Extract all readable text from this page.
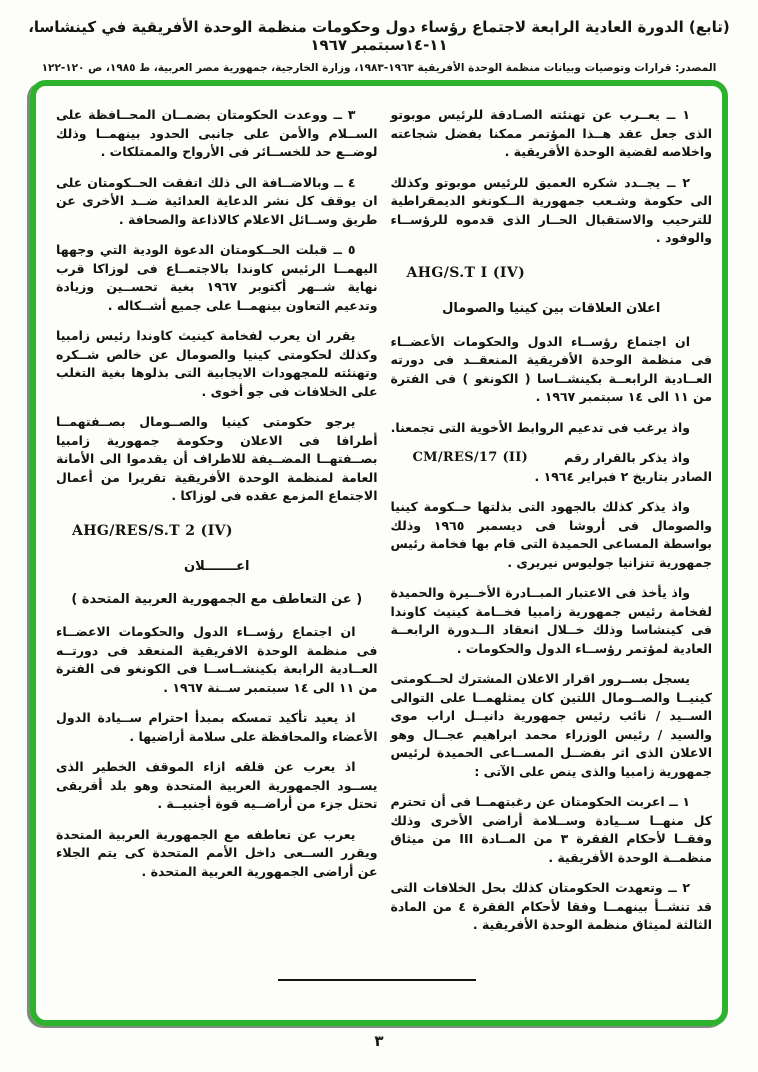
(تابع) الدورة العادية الرابعة لاجتماع رؤساء دول وحكومات منظمة الوحدة الأفريقية في كينشاسا، ١١-١٤سبتمبر ١٩٦٧
المصدر: قرارات وتوصيات وبيانات منظمة الوحدة الأفريقية ١٩٦٣-١٩٨٣، وزارة الخارجية، جمهورية مصر العربية، ط ١٩٨٥، ص ١٢٠-١٢٢
١ ــ يعــرب عن تهنئته الصـادقة للرئيس موبوتو الذى جعل عقد هــذا المؤتمر ممكنا بفضل شجاعته واخلاصه لقضية الوحدة الأفريقية .
٢ ــ يجــدد شكره العميق للرئيس موبوتو وكذلك الى حكومة وشـعب جمهورية الــكونغو الديمقراطية للترحيب والاستقبال الحــار الذى قدموه للرؤســاء والوفود .
AHG/S.T I (IV)
اعلان العلاقات بين كينيا والصومال
ان اجتماع رؤســاء الدول والحكومات الأعضــاء فى منظمة الوحدة الأفريقية المنعقــد فى دورته العــادية الرابعــة بكينشــاسا ( الكونغو ) فى الفترة من ١١ الى ١٤ سبتمبر ١٩٦٧ .
واذ يرغب فى تدعيم الروابط الأخوية التى تجمعنا.
CM/RES/17 (II)	واذ يذكر بالقرار رقم
الصادر بتاريخ ٢ فبراير ١٩٦٤ .
واذ يذكر كذلك بالجهود التى بذلتها حــكومة كينيا والصومال فى أروشا فى ديسمبر ١٩٦٥ وذلك بواسطة المساعى الحميدة التى قام بها فخامة رئيس جمهورية تنزانيا جوليوس نيريرى .
واذ يأخذ فى الاعتبار المبــادرة الأخــيرة والحميدة لفخامة رئيس جمهورية زامبيا فخــامة كينيث كاوندا فى كينشاسا وذلك خــلال انعقاد الــدورة الرابعــة العادية لمؤتمر رؤســاء الدول والحكومات .
يسجل بســرور اقرار الاعلان المشترك لحــكومتى كينيــا والصــومال اللتين كان يمثلهمــا على التوالى الســيد / نائب رئيس جمهورية دانيــل اراب موى والسيد / رئيس الوزراء محمد ابراهيم عجــال وهو الاعلان الذى اثر بفضــل المســاعى الحميدة لرئيس جمهورية زامبيا والذى ينص على الآتى :
١ ــ اعربت الحكومتان عن رغبتهمــا فى أن تحترم كل منهــا ســيادة وســلامة أراضى الأخرى وذلك وفقــا لأحكام الفقرة ٣ من المــادة III من ميثاق منظمــة الوحدة الأفريقية .
٢ ــ وتعهدت الحكومتان كذلك بحل الخلافات التى قد تنشــأ بينهمــا وفقا لأحكام الفقرة ٤ من المادة الثالثة لميثاق منظمة الوحدة الأفريقية .
٣ ــ ووعدت الحكومتان بضمــان المحــافظة على الســلام والأمن على جانبى الحدود بينهمــا وذلك لوضــع حد للخســائر فى الأرواح والممتلكات .
٤ ــ وبالاضــافة الى ذلك اتفقت الحــكومتان على ان يوقف كل نشر الدعاية العدائية ضــد الأخرى عن طريق وســائل الاعلام كالاذاعة والصحافة .
٥ ــ قبلت الحــكومتان الدعوة الودية التي وجهها اليهمــا الرئيس كاوندا بالاجتمــاع فى لوزاكا قرب نهاية شــهر أكتوبر ١٩٦٧ بغية تحســين وزيادة وتدعيم التعاون بينهمــا على جميع أشــكاله .
يقرر ان يعرب لفخامة كينيث كاوندا رئيس زامبيا وكذلك لحكومتى كينيا والصومال عن خالص شــكره وتهنئته للمجهودات الايجابية التى بذلوها بغية التغلب على الخلافات فى جو أخوى .
يرجو حكومتى كينيا والصــومال بصــفتهمــا أطرافا فى الاعلان وحكومة جمهورية زامبيا بصــفتهــا المضــيفة للاطراف أن يقدموا الى الأمانة العامة لمنظمة الوحدة الأفريقية تقريرا من أعمال الاجتماع المزمع عقده فى لوزاكا .
AHG/RES/S.T 2 (IV)
اعـــــــلان
( عن التعاطف مع الجمهورية العربية المتحدة )
ان اجتماع رؤســاء الدول والحكومات الاعضــاء فى منظمة الوحدة الافريقية المنعقد فى دورتــه العــادية الرابعة بكينشــاســا فى الكونغو فى الفترة من ١١ الى ١٤ سبتمبر ســنة ١٩٦٧ .
اذ يعيد تأكيد تمسكه بمبدأ احترام ســيادة الدول الأعضاء والمحافظة على سلامة أراضيها .
اذ يعرب عن قلقه ازاء الموقف الخطير الذى يســود الجمهورية العربية المتحدة وهو بلد أفريقى تحتل جزء من أراضــيه قوة أجنبيــة .
يعرب عن تعاطفه مع الجمهورية العربية المتحدة ويقرر الســعى داخل الأمم المتحدة كى يتم الجلاء عن أراضى الجمهورية العربية المتحدة .
٣
